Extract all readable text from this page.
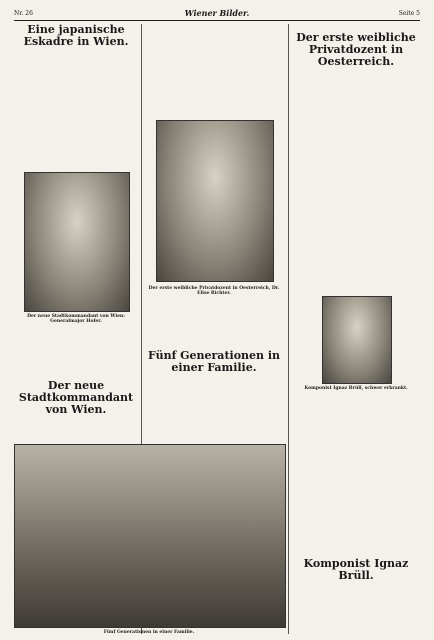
Nr. 26	Wiener Bilder.	Seite 5
Eine japanische Eskadre in Wien.
Der neue Stadtkommandant von Wien: Generalmajor Hofer.
Der neue Stadtkommandant von Wien.
Der erste weibliche Privatdozent in Oesterreich, Dr. Elise Richter.
Fünf Generationen in einer Familie.
Fünf Generationen in einer Familie.
Der erste weibliche Privatdozent in Oesterreich.
Komponist Ignaz Brüll, schwer erkrankt.
Komponist Ignaz Brüll.
